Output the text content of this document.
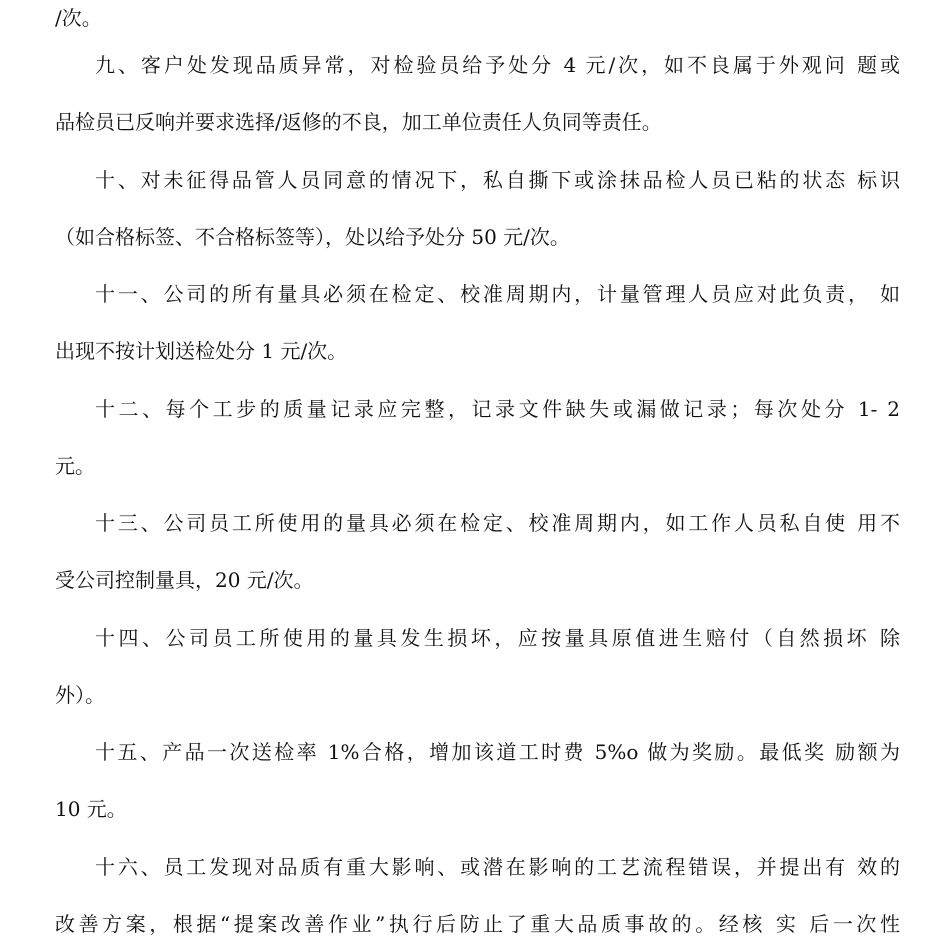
/次。
九、客户处发现品质异常，对检验员给予处分 4 元/次，如不良属于外观问 题或
品检员已反响并要求选择/返修的不良，加工单位责任人负同等责任。
十、对未征得品管人员同意的情况下，私自撕下或涂抹品检人员已粘的状态 标识
（如合格标签、不合格标签等），处以给予处分 50 元/次。
十一、公司的所有量具必须在检定、校准周期内，计量管理人员应对此负责， 如
出现不按计划送检处分 1 元/次。
十二、每个工步的质量记录应完整，记录文件缺失或漏做记录；每次处分 1- 2
元。
十三、公司员工所使用的量具必须在检定、校准周期内，如工作人员私自使 用不
受公司控制量具，20 元/次。
十四、公司员工所使用的量具发生损坏，应按量具原值进生赔付（自然损坏 除
外）。
十五、产品一次送检率 1%合格，增加该道工时费 5%o 做为奖励。最低奖 励额为
10 元。
十六、员工发现对品质有重大影响、或潜在影响的工艺流程错误，并提出有 效的
改善方案，根据“提案改善作业”执行后防止了重大品质事故的。经核 实 后一次性
